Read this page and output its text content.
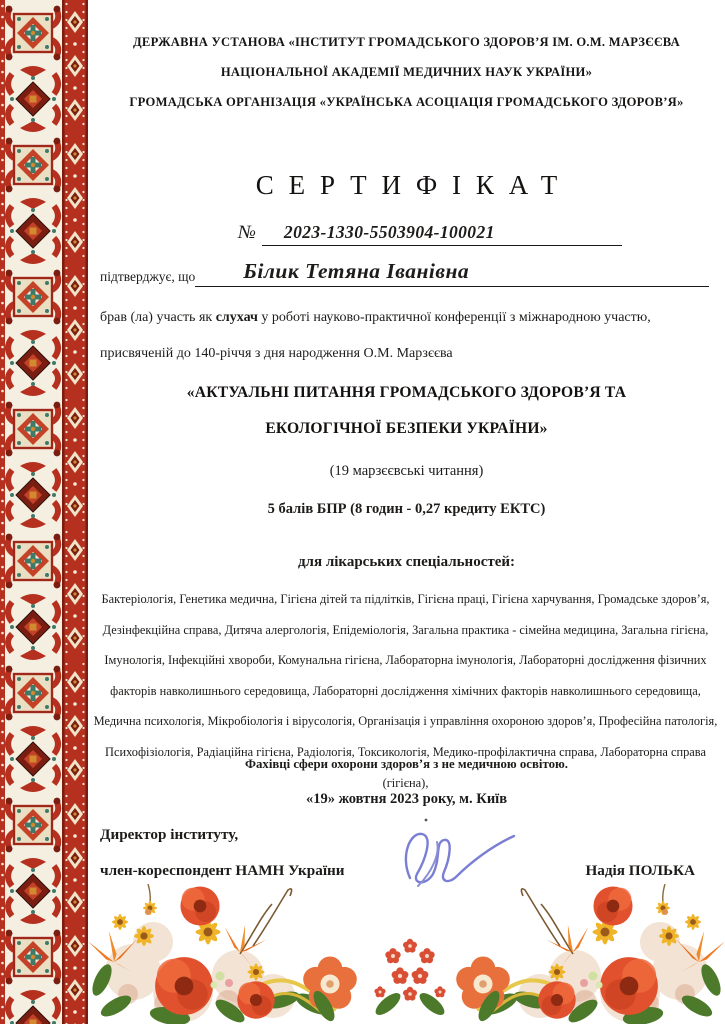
ДЕРЖАВНА УСТАНОВА «ІНСТИТУТ ГРОМАДСЬКОГО ЗДОРОВ’Я ІМ. О.М. МАРЗЄЄВА
НАЦІОНАЛЬНОЇ АКАДЕМІЇ МЕДИЧНИХ НАУК УКРАЇНИ»
ГРОМАДСЬКА ОРГАНІЗАЦІЯ «УКРАЇНСЬКА АСОЦІАЦІЯ ГРОМАДСЬКОГО ЗДОРОВ’Я»
СЕРТИФІКАТ
№ 2023-1330-5503904-100021
підтверджує, що	Білик Тетяна Іванівна
брав (ла) участь як слухач у роботі науково-практичної конференції з міжнародною участю,
присвяченій до 140-річчя з дня народження О.М. Марзєєва
«АКТУАЛЬНІ ПИТАННЯ ГРОМАДСЬКОГО ЗДОРОВ’Я ТА
ЕКОЛОГІЧНОЇ БЕЗПЕКИ УКРАЇНИ»
(19 марзєєвські читання)
5 балів БПР (8 годин - 0,27 кредиту ЕКТС)
для лікарських спеціальностей:
Бактеріологія, Генетика медична, Гігієна дітей та підлітків, Гігієна праці, Гігієна харчування, Громадське здоров’я, Дезінфекційна справа, Дитяча алергологія, Епідеміологія, Загальна практика - сімейна медицина, Загальна гігієна, Імунологія, Інфекційні хвороби, Комунальна гігієна, Лабораторна імунологія, Лабораторні дослідження фізичних факторів навколишнього середовища, Лабораторні дослідження хімічних факторів навколишнього середовища, Медична психологія, Мікробіологія і вірусологія, Організація і управління охороною здоров’я, Професійна патологія, Психофізіологія, Радіаційна гігієна, Радіологія, Токсикологія, Медико-профілактична справа, Лабораторна справа (гігієна),
Фахівці сфери охорони здоров’я з не медичною освітою.
«19» жовтня 2023 року, м. Київ
Директор інституту,
член-кореспондент НАМН України	Надія ПОЛЬКА
